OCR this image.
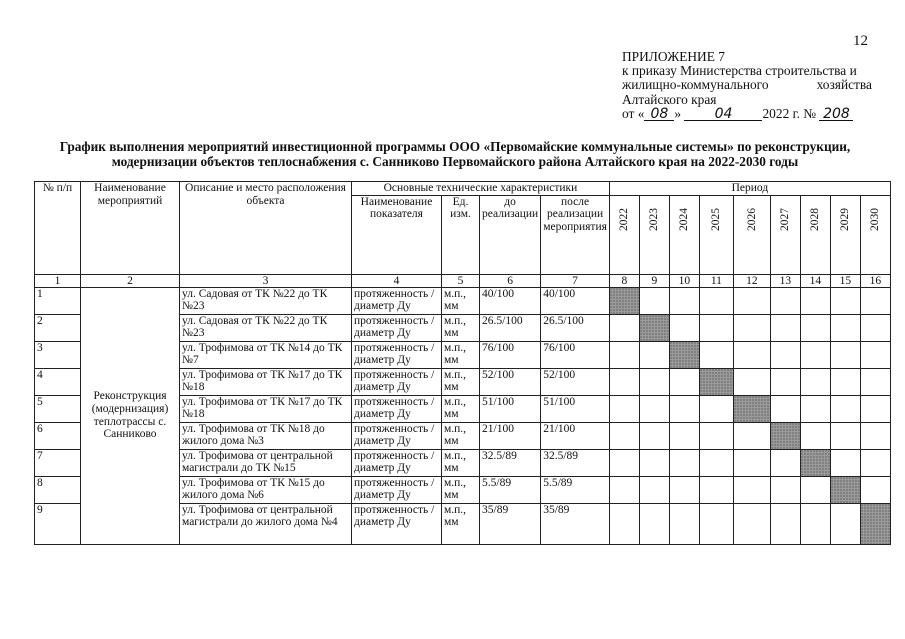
12
ПРИЛОЖЕНИЕ 7
к приказу Министерства строительства и
жилищно-коммунального	хозяйства
Алтайского края
от « 08 » 04 2022 г. № 208
График выполнения мероприятий инвестиционной программы ООО «Первомайские коммунальные системы» по реконструкции, модернизации объектов теплоснабжения с. Санниково Первомайского района Алтайского края на 2022-2030 годы
№ п/п	Наименование мероприятий	Описание и место расположения объекта	Основные технические характеристики				Период								
			Наименование показателя	Ед. изм.	до реализации	после реализации мероприятия	2022	2023	2024	2025	2026	2027	2028	2029	2030

1	2	3	4	5	6	7	8	9	10	11	12	13	14	15	16
1	Реконструкция (модернизация) теплотрассы с. Санниково	ул. Садовая от ТК №22 до ТК №23	протяженность /диаметр Ду	м.п., мм	40/100	40/100									
2		ул. Садовая от ТК №22 до ТК №23	протяженность /диаметр Ду	м.п., мм	26.5/100	26.5/100									
3		ул. Трофимова от ТК №14 до ТК №7	протяженность /диаметр Ду	м.п., мм	76/100	76/100									
4		ул. Трофимова от ТК №17 до ТК №18	протяженность /диаметр Ду	м.п., мм	52/100	52/100									
5		ул. Трофимова от ТК №17 до ТК №18	протяженность /диаметр Ду	м.п., мм	51/100	51/100									
6		ул. Трофимова от ТК №18 до жилого дома №3	протяженность /диаметр Ду	м.п., мм	21/100	21/100									
7		ул. Трофимова от центральной магистрали до ТК №15	протяженность /диаметр Ду	м.п., мм	32.5/89	32.5/89									
8		ул. Трофимова от ТК №15 до жилого дома №6	протяженность /диаметр Ду	м.п., мм	5.5/89	5.5/89									
9		ул. Трофимова от центральной магистрали до жилого дома №4	протяженность /диаметр Ду	м.п., мм	35/89	35/89									
